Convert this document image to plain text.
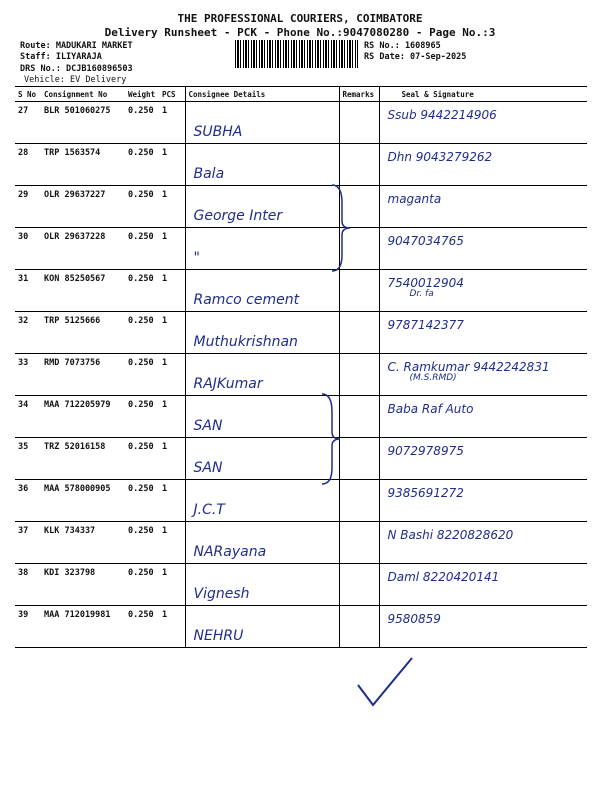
THE PROFESSIONAL COURIERS, COIMBATORE
Delivery Runsheet - PCK - Phone No.:9047080280 - Page No.:3
Route: MADUKARI MARKET
Staff: ILIYARAJA
DRS No.: DCJB160896503
Vehicle: EV Delivery
RS No.: 1608965
RS Date: 07-Sep-2025
S No	Consignment No	Weight	PCS	Consignee Details	Remarks	Seal & Signature
27	BLR 501060275	0.250	1	SUBHA		Ssub 9442214906

28	TRP 1563574	0.250	1	Bala		Dhn 9043279262

29	OLR 29637227	0.250	1	George Inter		maganta

30	OLR 29637228	0.250	1	"		9047034765

31	KON 85250567	0.250	1	Ramco cement		7540012904
Dr. fa

32	TRP 5125666	0.250	1	Muthukrishnan		9787142377

33	RMD 7073756	0.250	1	RAJKumar		C. Ramkumar 9442242831
(M.S.RMD)

34	MAA 712205979	0.250	1	SAN		Baba Raf Auto

35	TRZ 52016158	0.250	1	SAN		9072978975

36	MAA 578000905	0.250	1	J.C.T		9385691272

37	KLK 734337	0.250	1	NARayana		N Bashi 8220828620

38	KDI 323798	0.250	1	Vignesh		Daml 8220420141

39	MAA 712019981	0.250	1	NEHRU		9580859
